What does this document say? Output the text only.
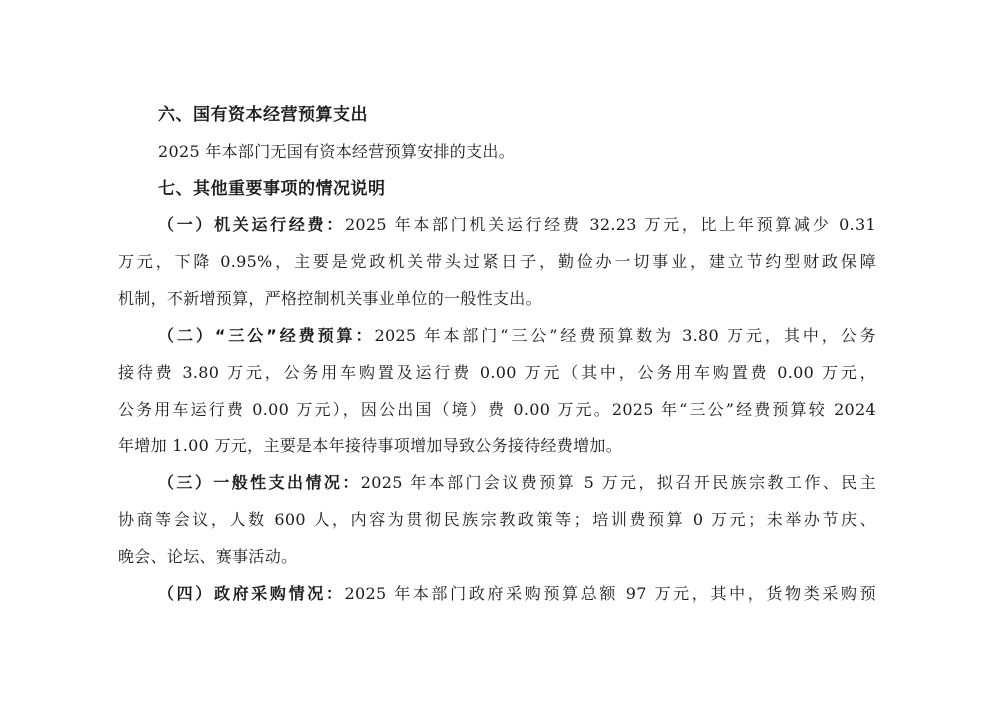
六、国有资本经营预算支出
2025 年本部门无国有资本经营预算安排的支出。
七、其他重要事项的情况说明
（一）机关运行经费：2025 年本部门机关运行经费 32.23 万元，比上年预算减少 0.31
万元，下降 0.95%，主要是党政机关带头过紧日子，勤俭办一切事业，建立节约型财政保障
机制，不新增预算，严格控制机关事业单位的一般性支出。
（二）“三公”经费预算：2025 年本部门“三公”经费预算数为 3.80 万元，其中，公务
接待费 3.80 万元，公务用车购置及运行费 0.00 万元（其中，公务用车购置费 0.00 万元，
公务用车运行费 0.00 万元），因公出国（境）费 0.00 万元。2025 年“三公”经费预算较 2024
年增加 1.00 万元，主要是本年接待事项增加导致公务接待经费增加。
（三）一般性支出情况：2025 年本部门会议费预算 5 万元，拟召开民族宗教工作、民主
协商等会议，人数 600 人，内容为贯彻民族宗教政策等；培训费预算 0 万元；未举办节庆、
晚会、论坛、赛事活动。
（四）政府采购情况：2025 年本部门政府采购预算总额 97 万元，其中，货物类采购预
